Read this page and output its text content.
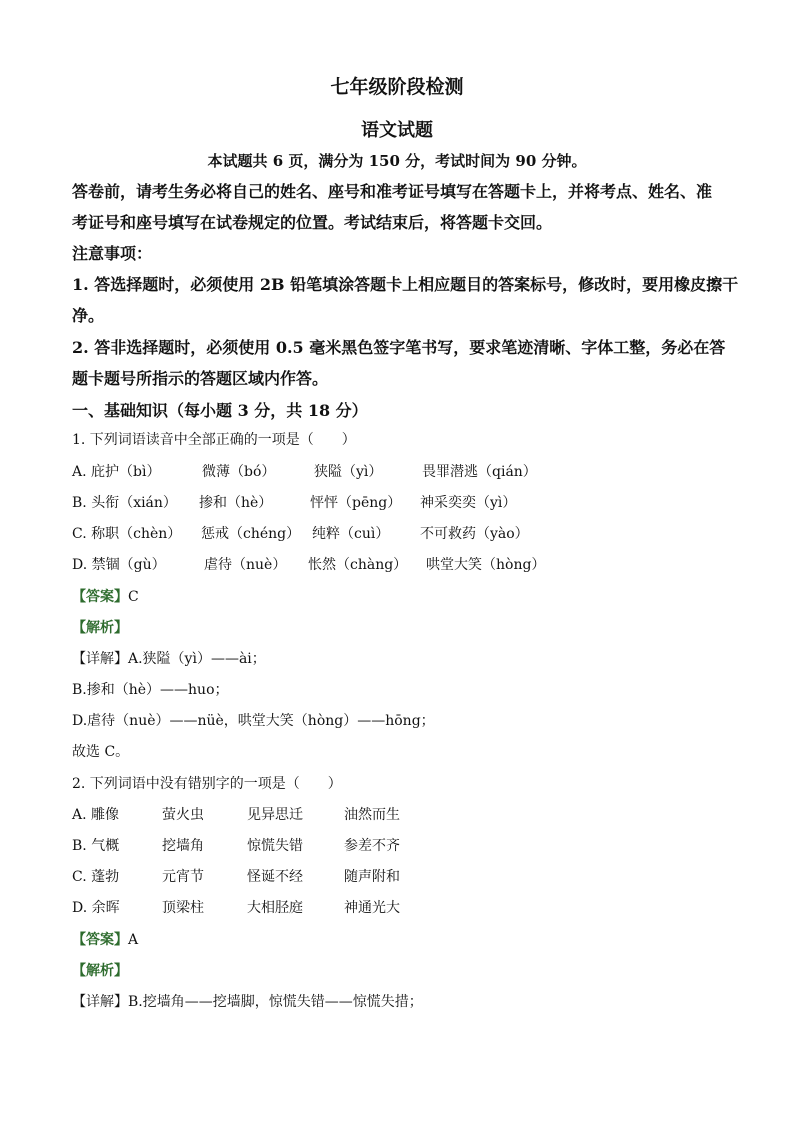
七年级阶段检测
语文试题
本试题共 6 页，满分为 150 分，考试时间为 90 分钟。
答卷前，请考生务必将自己的姓名、座号和准考证号填写在答题卡上，并将考点、姓名、准
考证号和座号填写在试卷规定的位置。考试结束后，将答题卡交回。
注意事项：
1. 答选择题时，必须使用 2B 铅笔填涂答题卡上相应题目的答案标号，修改时，要用橡皮擦干
净。
2. 答非选择题时，必须使用 0.5 毫米黑色签字笔书写，要求笔迹清晰、字体工整，务必在答
题卡题号所指示的答题区域内作答。
一、基础知识（每小题 3 分，共 18 分）
1. 下列词语读音中全部正确的一项是（　　）
A. 庇护（bì）	微薄（bó）	狭隘（yì）	畏罪潜逃（qián）
B. 头衔（xián） 掺和（hè）	怦怦（pēng） 神采奕奕（yì）
C. 称职（chèn） 惩戒（chéng） 纯粹（cuì） 不可救药（yào）
D. 禁锢（gù）	虐待（nuè） 怅然（chàng） 哄堂大笑（hòng）
【答案】C
【解析】
【详解】A.狭隘（yì）——ài；
B.掺和（hè）——huo；
D.虐待（nuè）——nüè，哄堂大笑（hòng）——hōng；
故选 C。
2. 下列词语中没有错别字的一项是（　　）
A. 雕像	萤火虫	见异思迁	油然而生
B. 气概	挖墙角	惊慌失错	参差不齐
C. 蓬勃	元宵节	怪诞不经	随声附和
D. 余晖	顶梁柱	大相胫庭	神通光大
【答案】A
【解析】
【详解】B.挖墙角——挖墙脚，惊慌失错——惊慌失措；
